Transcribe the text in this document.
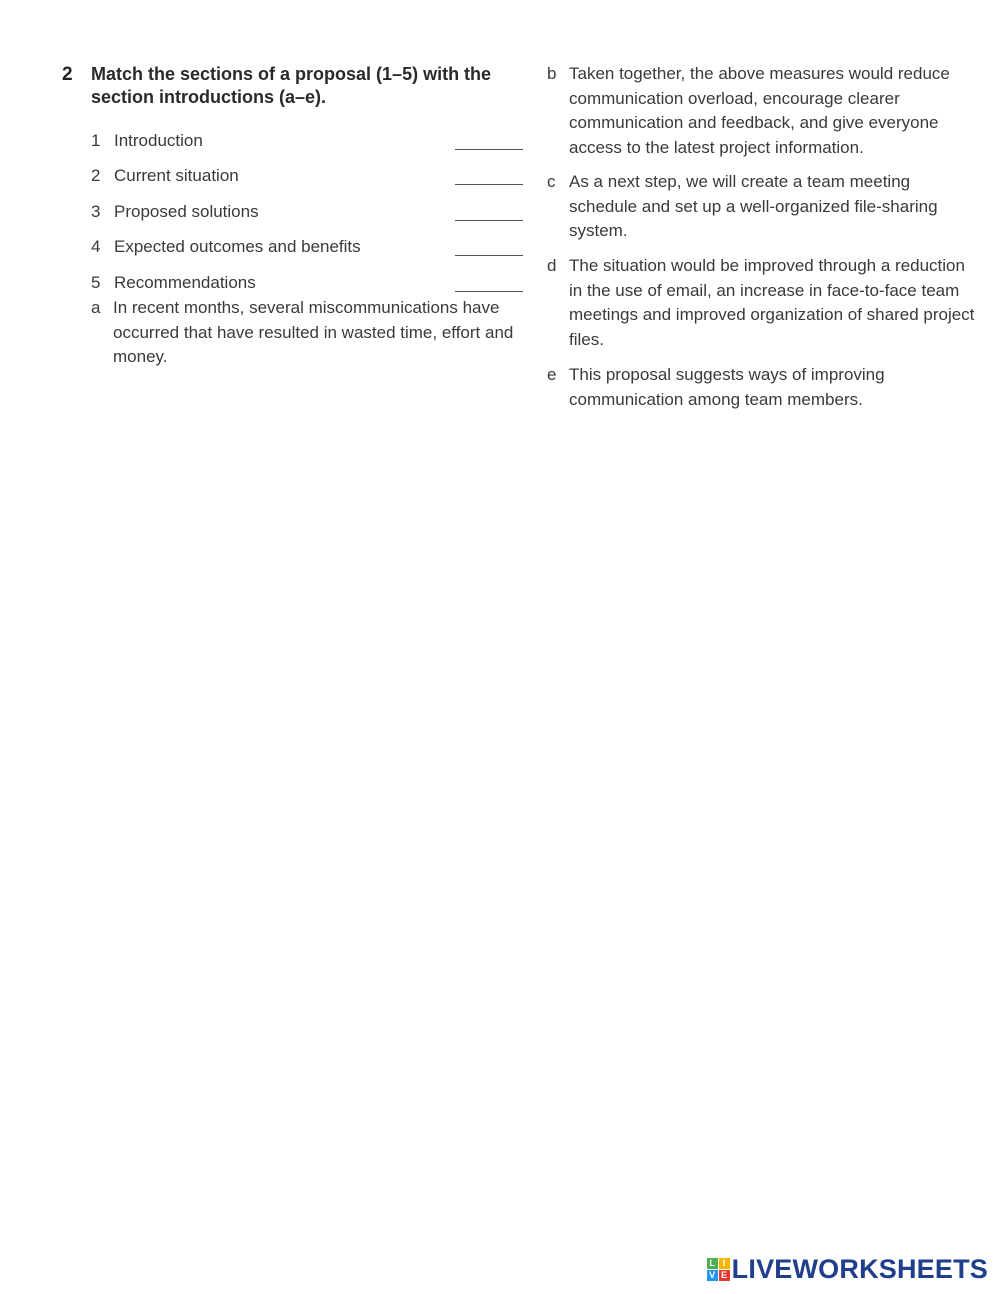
2	Match the sections of a proposal (1–5) with the section introductions (a–e).
1 Introduction
2 Current situation
3 Proposed solutions
4 Expected outcomes and benefits
5 Recommendations
a In recent months, several miscommunications have occurred that have resulted in wasted time, effort and money.
b Taken together, the above measures would reduce communication overload, encourage clearer communication and feedback, and give everyone access to the latest project information.
c As a next step, we will create a team meeting schedule and set up a well-organized file-sharing system.
d The situation would be improved through a reduction in the use of email, an increase in face-to-face team meetings and improved organization of shared project files.
e This proposal suggests ways of improving communication among team members.
L I
V E LIVEWORKSHEETS
